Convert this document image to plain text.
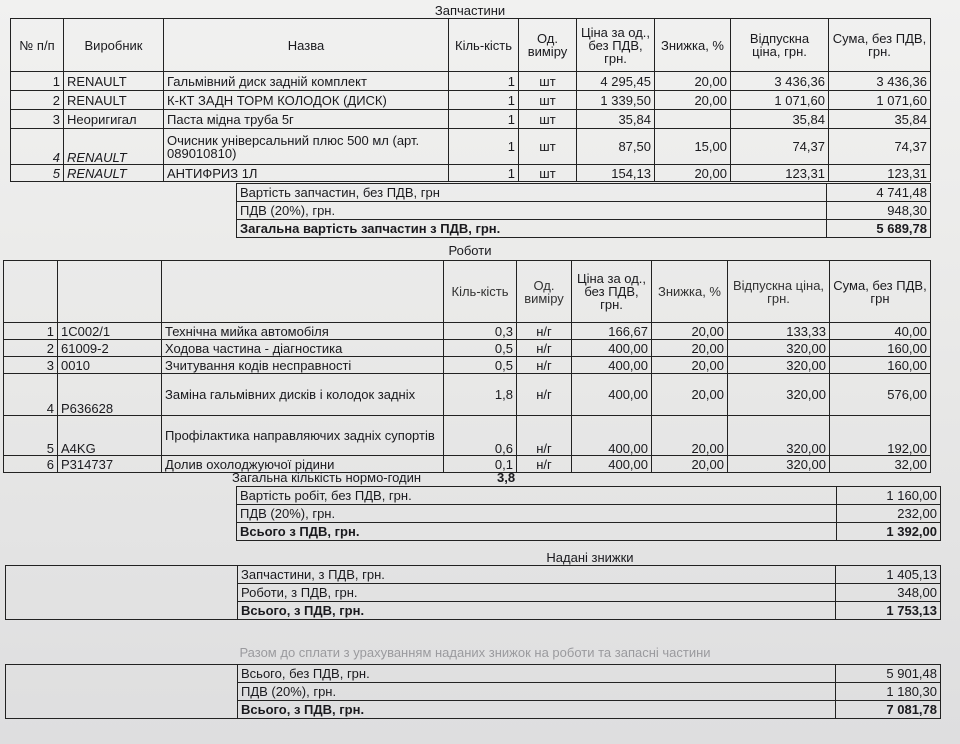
Запчастини
№ п/п	Виробник	Назва	Кіль-кість	Од. виміру	Ціна за од., без ПДВ, грн.	Знижка, %	Відпускна ціна, грн.	Сума, без ПДВ, грн.
1	RENAULT	Гальмівний диск задній комплект	1	шт	4 295,45	20,00	3 436,36	3 436,36
2	RENAULT	К-КТ ЗАДН ТОРМ КОЛОДОК (ДИСК)	1	шт	1 339,50	20,00	1 071,60	1 071,60
3	Неоригигал	Паста мідна труба 5г	1	шт	35,84		35,84	35,84
4	RENAULT	Очисник універсальний плюс 500 мл (арт. 089010810)	1	шт	87,50	15,00	74,37	74,37
5	RENAULT	АНТИФРИЗ 1Л	1	шт	154,13	20,00	123,31	123,31
Вартість запчастин, без ПДВ, грн	4 741,48
ПДВ (20%), грн.	948,30
Загальна вартість запчастин з ПДВ, грн.	5 689,78
Роботи
			Кіль-кість	Од. виміру	Ціна за од., без ПДВ, грн.	Знижка, %	Відпускна ціна, грн.	Сума, без ПДВ, грн
1	1С002/1	Технічна мийка автомобіля	0,3	н/г	166,67	20,00	133,33	40,00
2	61009-2	Ходова частина - діагностика	0,5	н/г	400,00	20,00	320,00	160,00
3	0010	Зчитування кодів несправності	0,5	н/г	400,00	20,00	320,00	160,00
4	Р636628	Заміна гальмівних дисків і колодок задніх	1,8	н/г	400,00	20,00	320,00	576,00
5	А4KG	Профілактика направляючих задніх супортів	0,6	н/г	400,00	20,00	320,00	192,00
6	Р314737	Долив охолоджуючої рідини	0,1	н/г	400,00	20,00	320,00	32,00
Загальна кількість нормо-годин	3,8
Вартість робіт, без ПДВ, грн.	1 160,00
ПДВ (20%), грн.	232,00
Всього з ПДВ, грн.	1 392,00
Надані знижки
	Запчастини, з ПДВ, грн.	1 405,13
	Роботи, з ПДВ, грн.	348,00
	Всього, з ПДВ, грн.	1 753,13
Разом до сплати з урахуванням наданих знижок на роботи та запасні частини
	Всього, без ПДВ, грн.	5 901,48
	ПДВ (20%), грн.	1 180,30
	Всього, з ПДВ, грн.	7 081,78
